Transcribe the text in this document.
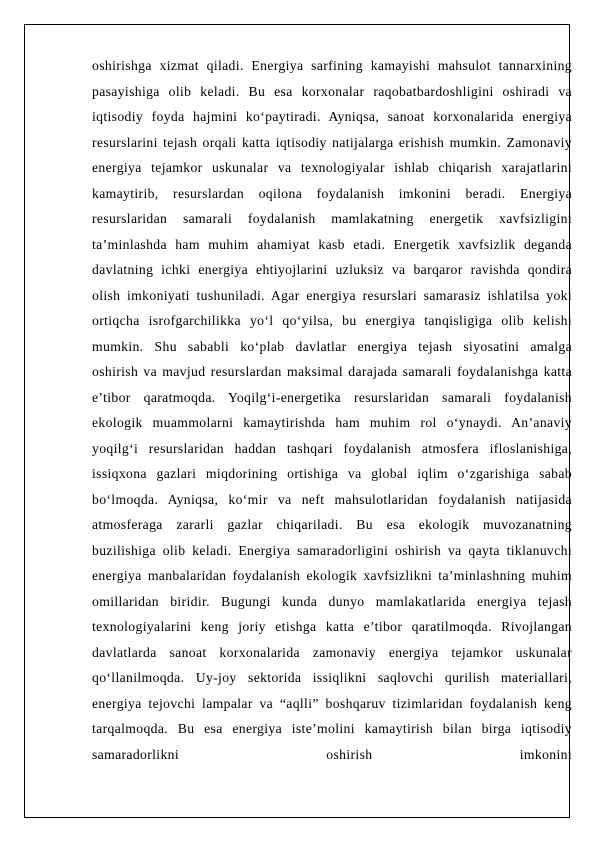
oshirishga xizmat qiladi. Energiya sarfining kamayishi mahsulot tannarxining pasayishiga olib keladi. Bu esa korxonalar raqobatbardoshligini oshiradi va iqtisodiy foyda hajmini ko‘paytiradi. Ayniqsa, sanoat korxonalarida energiya resurslarini tejash orqali katta iqtisodiy natijalarga erishish mumkin. Zamonaviy energiya tejamkor uskunalar va texnologiyalar ishlab chiqarish xarajatlarini kamaytirib, resurslardan oqilona foydalanish imkonini beradi. Energiya resurslaridan samarali foydalanish mamlakatning energetik xavfsizligini ta’minlashda ham muhim ahamiyat kasb etadi. Energetik xavfsizlik deganda davlatning ichki energiya ehtiyojlarini uzluksiz va barqaror ravishda qondira olish imkoniyati tushuniladi. Agar energiya resurslari samarasiz ishlatilsa yoki ortiqcha isrofgarchilikka yo‘l qo‘yilsa, bu energiya tanqisligiga olib kelishi mumkin. Shu sababli ko‘plab davlatlar energiya tejash siyosatini amalga oshirish va mavjud resurslardan maksimal darajada samarali foydalanishga katta e’tibor qaratmoqda. Yoqilg‘i-energetika resurslaridan samarali foydalanish ekologik muammolarni kamaytirishda ham muhim rol o‘ynaydi. An’anaviy yoqilg‘i resurslaridan haddan tashqari foydalanish atmosfera ifloslanishiga, issiqxona gazlari miqdorining ortishiga va global iqlim o‘zgarishiga sabab bo‘lmoqda. Ayniqsa, ko‘mir va neft mahsulotlaridan foydalanish natijasida atmosferaga zararli gazlar chiqariladi. Bu esa ekologik muvozanatning buzilishiga olib keladi. Energiya samaradorligini oshirish va qayta tiklanuvchi energiya manbalaridan foydalanish ekologik xavfsizlikni ta’minlashning muhim omillaridan biridir. Bugungi kunda dunyo mamlakatlarida energiya tejash texnologiyalarini keng joriy etishga katta e’tibor qaratilmoqda. Rivojlangan davlatlarda sanoat korxonalarida zamonaviy energiya tejamkor uskunalar qo‘llanilmoqda. Uy-joy sektorida issiqlikni saqlovchi qurilish materiallari, energiya tejovchi lampalar va “aqlli” boshqaruv tizimlaridan foydalanish keng tarqalmoqda. Bu esa energiya iste’molini kamaytirish bilan birga iqtisodiy samaradorlikni oshirish imkonini
